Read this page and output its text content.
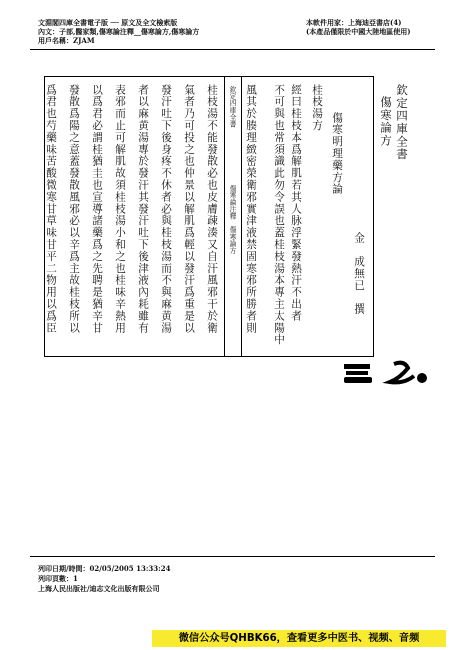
文淵閣四庫全書電子版 ── 原文及全文檢索版
內文：子部,醫家類,傷寒論注釋__傷寒論方,傷寒論方
用戶名稱：ZJAM
本軟件用家：上海迪亞書店(4)
(本產品僅限於中國大陸地區使用)
欽定四庫全書
傷寒論方
傷寒明理藥方論
金　成無已　撰
桂枝湯方
經曰桂枝本爲解肌若其人脉浮緊發熱汗不出者
不可與也常須識此勿令誤也蓋桂枝湯本專主太陽中
風其於腠理緻密榮衛邪實津液禁固寒邪所勝者則
欽定四庫全書
傷寒論注釋　傷寒論方
桂枝湯不能發散必也皮膚疎湊又自汗風邪干於衛
氣者乃可投之也仲景以解肌爲輕以發汗爲重是以
發汗吐下後身疼不休者必與桂枝湯而不與麻黄湯
者以麻黄湯專於發汗其發汗吐下後津液內耗雖有
表邪而止可解肌故須桂枝湯小和之也桂味辛熱用
以爲君必謂桂猶圭也宣導諸藥爲之先聘是猶辛甘
發散爲陽之意蓋發散風邪必以辛爲主故桂枝所以
爲君也芍藥味苦酸微寒甘草味甘平二物用以爲臣
列印日期/時間：02/05/2005 13:33:24
列印頁數：1
上海人民出版社/迪志文化出版有限公司
微信公众号QHBK66，查看更多中医书、视频、音频
